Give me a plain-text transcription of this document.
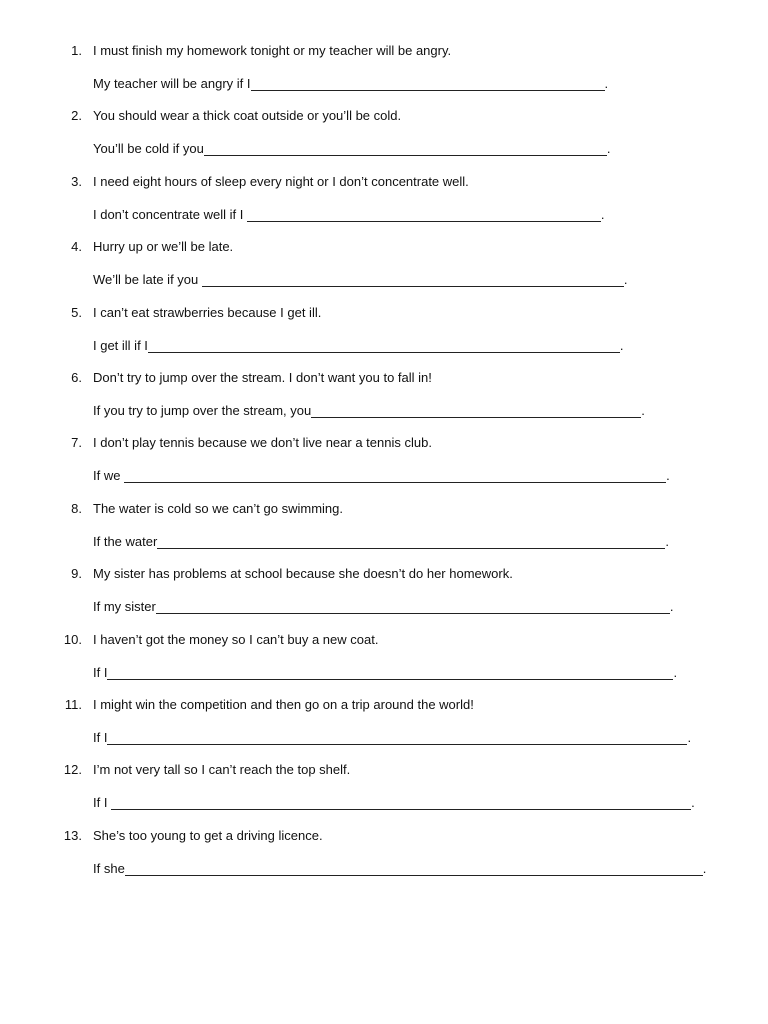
1. I must finish my homework tonight or my teacher will be angry.
My teacher will be angry if I	.
2. You should wear a thick coat outside or you’ll be cold.
You’ll be cold if you	.
3. I need eight hours of sleep every night or I don’t concentrate well.
I don’t concentrate well if I	.
4. Hurry up or we’ll be late.
We’ll be late if you	.
5. I can’t eat strawberries because I get ill.
I get ill if I	.
6. Don’t try to jump over the stream. I don’t want you to fall in!
If you try to jump over the stream, you	.
7. I don’t play tennis because we don’t live near a tennis club.
If we	.
8. The water is cold so we can’t go swimming.
If the water	.
9. My sister has problems at school because she doesn’t do her homework.
If my sister	.
10. I haven’t got the money so I can’t buy a new coat.
If I	.
11. I might win the competition and then go on a trip around the world!
If I	.
12. I’m not very tall so I can’t reach the top shelf.
If I	.
13. She’s too young to get a driving licence.
If she	.
